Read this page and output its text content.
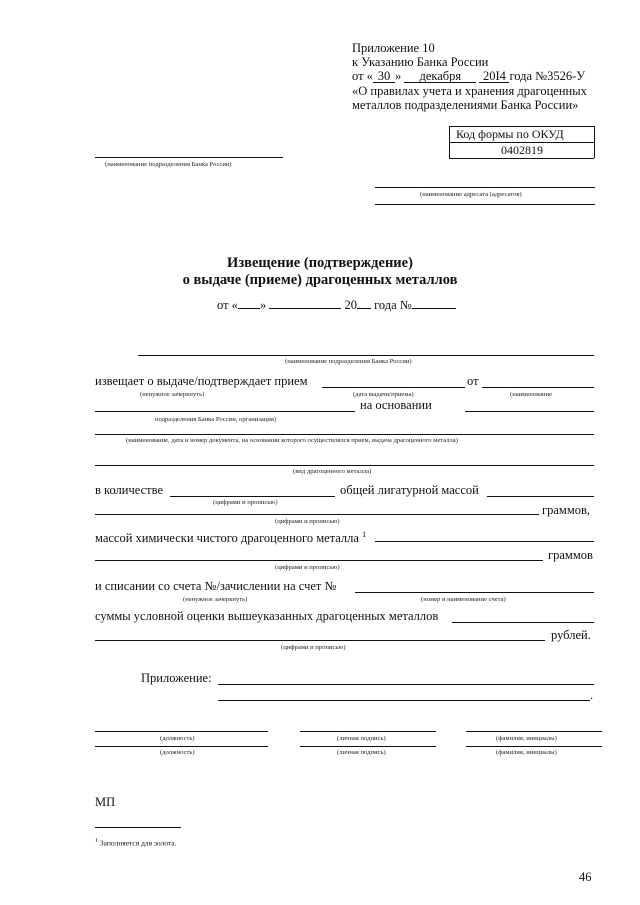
Приложение 10
к Указанию Банка России
от « 30 » декабря 20I4 года №3526-У
«О правилах учета и хранения драгоценных
металлов подразделениями Банка России»
Код формы по ОКУД
0402819
(наименование подразделения Банка России)
(наименование адресата (адресатов)
Извещение (подтверждение)
о выдаче (приеме) драгоценных металлов
от « »	20 года №
(наименование подразделения Банка России)
извещает о выдаче/подтверждает прием	от
(ненужное зачеркнуть)	(дата выдачи/приема)	(наименование
на основании
подразделения Банка России, организация)
(наименование, дата и номер документа, на основании которого осуществлялся прием, выдача драгоценного металла)
(вид драгоценного металла)
в количестве	общей лигатурной массой
(цифрами и прописью)
граммов,
(цифрами и прописью)
массой химически чистого драгоценного металла $^1$
граммов
(цифрами и прописью)
и списании со счета №/зачислении на счет №
(ненужное зачеркнуть)	(номер и наименование счета)
суммы условной оценки вышеуказанных драгоценных металлов
рублей.
(цифрами и прописью)
Приложение:
.
(должность)	(личная подпись)	(фамилия, инициалы)
(должность)	(личная подпись)	(фамилия, инициалы)
МП
$^1$ Заполняется для золота.
46
